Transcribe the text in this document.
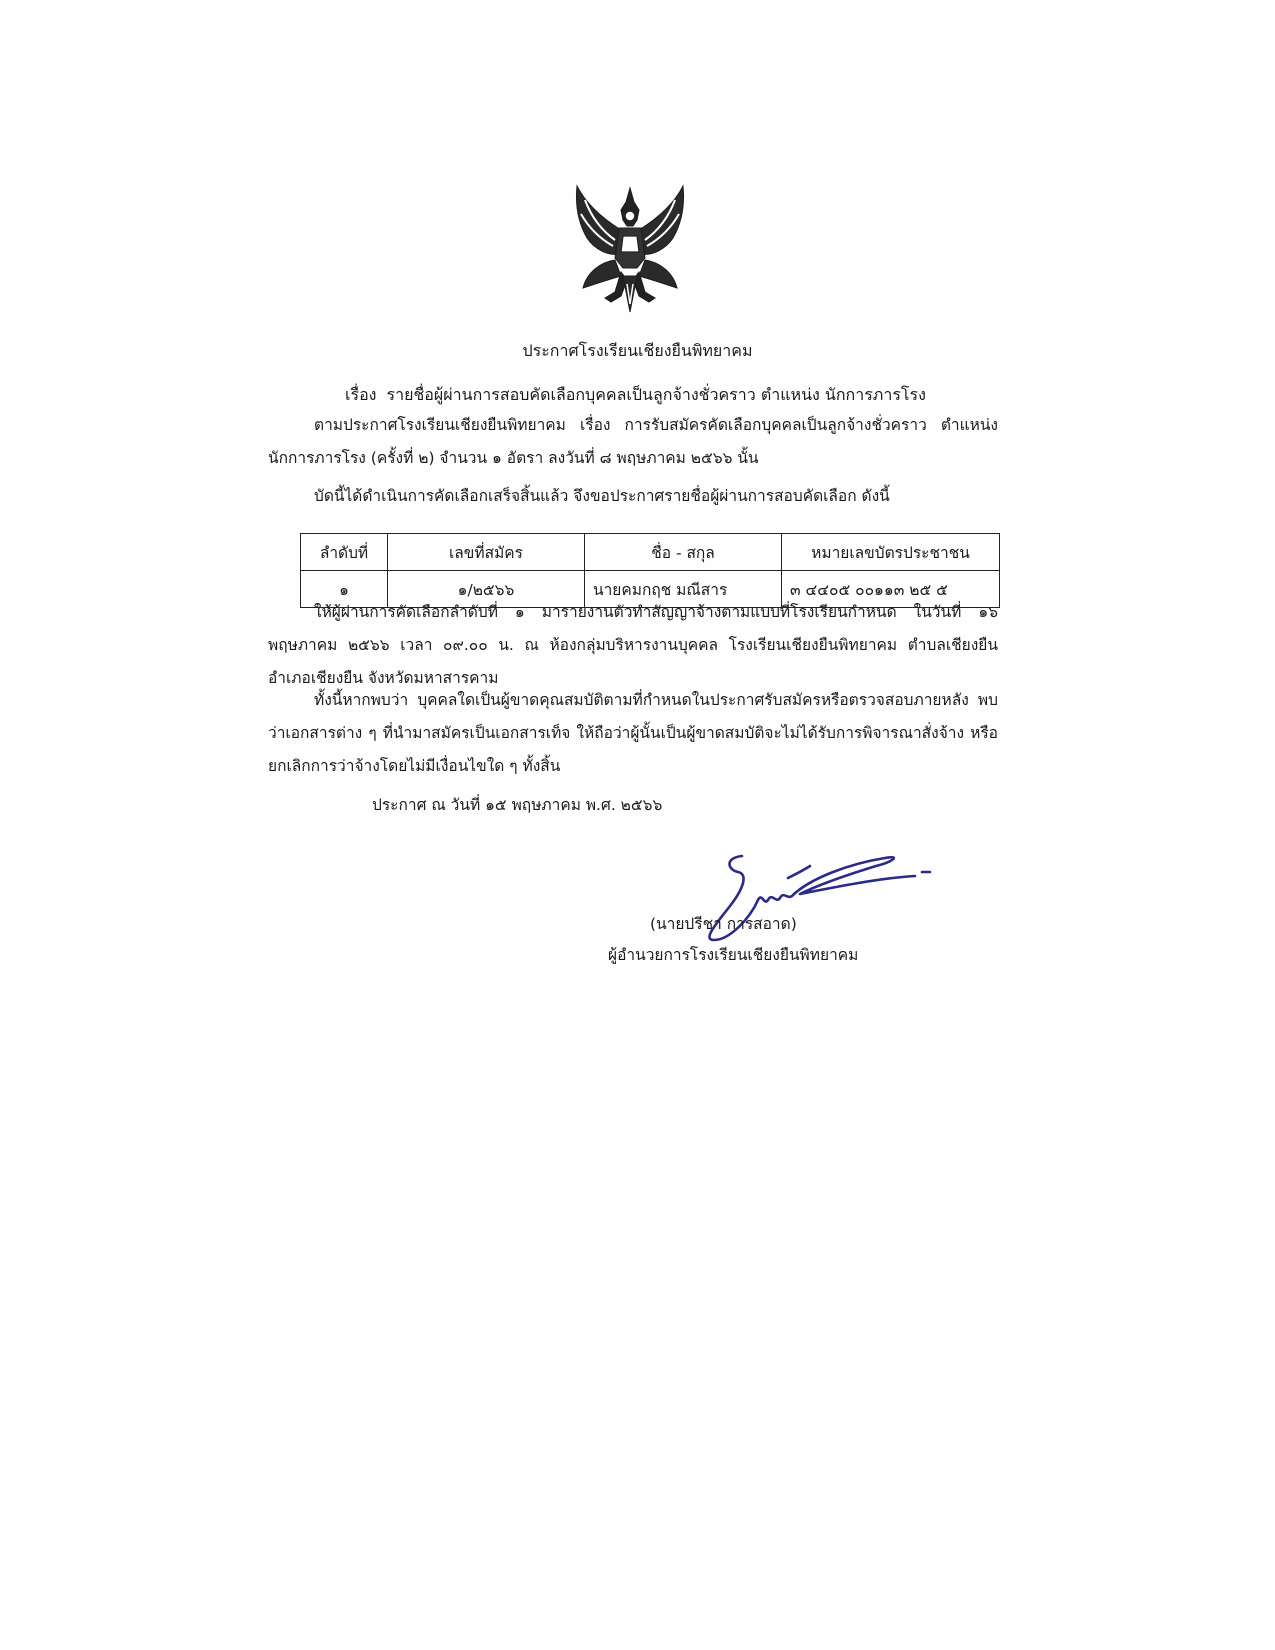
ประกาศโรงเรียนเชียงยืนพิทยาคม
เรื่อง รายชื่อผู้ผ่านการสอบคัดเลือกบุคคลเป็นลูกจ้างชั่วคราว ตำแหน่ง นักการภารโรง
ตามประกาศโรงเรียนเชียงยืนพิทยาคม เรื่อง การรับสมัครคัดเลือกบุคคลเป็นลูกจ้างชั่วคราว ตำแหน่ง นักการภารโรง (ครั้งที่ ๒) จำนวน ๑ อัตรา ลงวันที่ ๘ พฤษภาคม ๒๕๖๖ นั้น
บัดนี้ได้ดำเนินการคัดเลือกเสร็จสิ้นแล้ว จึงขอประกาศรายชื่อผู้ผ่านการสอบคัดเลือก ดังนี้
ลำดับที่	เลขที่สมัคร	ชื่อ - สกุล	หมายเลขบัตรประชาชน
๑	๑/๒๕๖๖	นายคมกฤช มณีสาร	๓ ๔๔๐๕ ๐๐๑๑๓ ๒๕ ๕
ให้ผู้ผ่านการคัดเลือกลำดับที่ ๑ มารายงานตัวทำสัญญาจ้างตามแบบที่โรงเรียนกำหนด ในวันที่ ๑๖ พฤษภาคม ๒๕๖๖ เวลา ๐๙.๐๐ น. ณ ห้องกลุ่มบริหารงานบุคคล โรงเรียนเชียงยืนพิทยาคม ตำบลเชียงยืน อำเภอเชียงยืน จังหวัดมหาสารคาม
ทั้งนี้หากพบว่า บุคคลใดเป็นผู้ขาดคุณสมบัติตามที่กำหนดในประกาศรับสมัครหรือตรวจสอบภายหลัง พบว่าเอกสารต่าง ๆ ที่นำมาสมัครเป็นเอกสารเท็จ ให้ถือว่าผู้นั้นเป็นผู้ขาดสมบัติจะไม่ได้รับการพิจารณาสั่งจ้าง หรือยกเลิกการว่าจ้างโดยไม่มีเงื่อนไขใด ๆ ทั้งสิ้น
ประกาศ ณ วันที่ ๑๕ พฤษภาคม พ.ศ. ๒๕๖๖
(นายปรีชา การสอาด)
ผู้อำนวยการโรงเรียนเชียงยืนพิทยาคม
